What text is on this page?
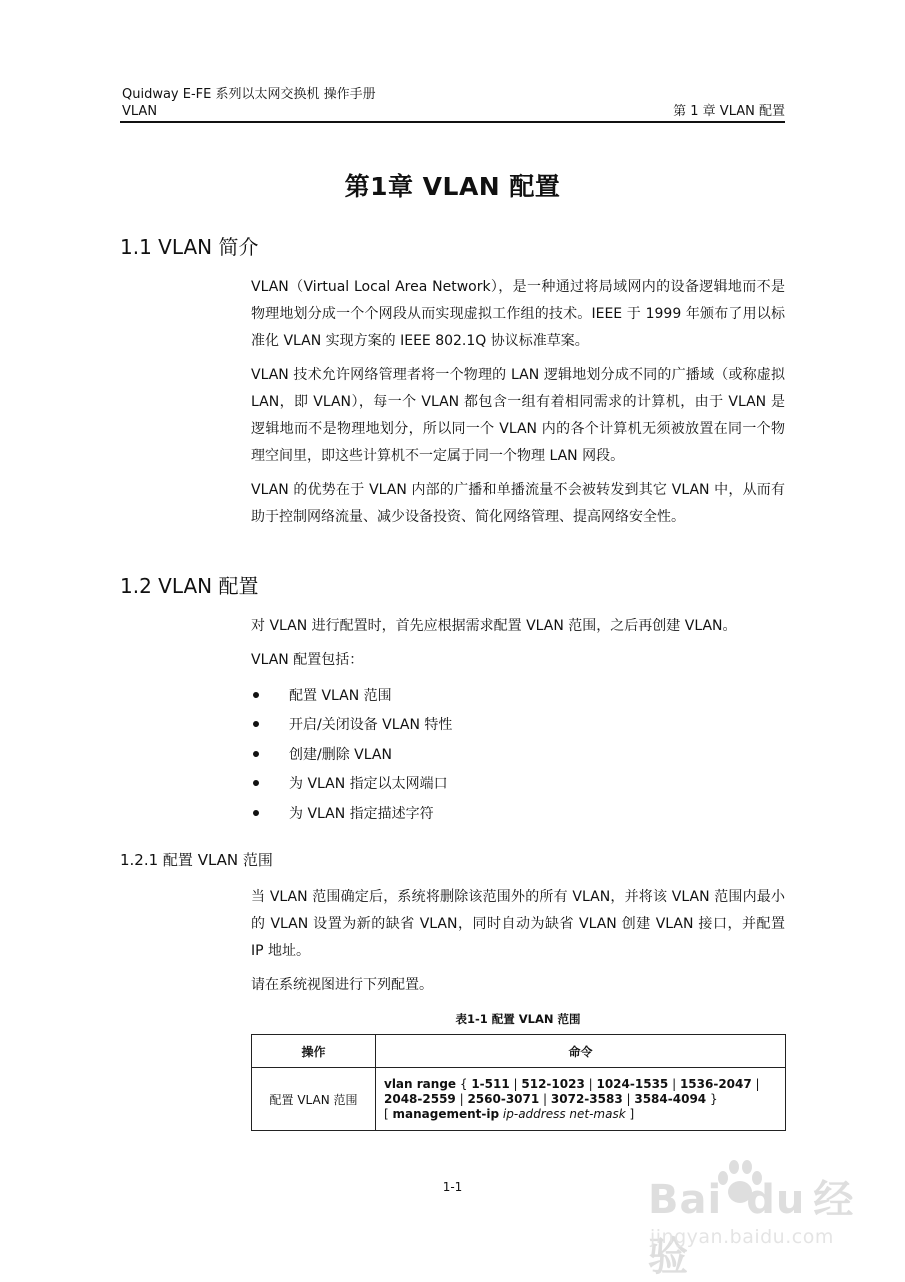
Quidway E-FE 系列以太网交换机 操作手册
VLAN	第 1 章 VLAN 配置
第1章 VLAN 配置
1.1 VLAN 简介

VLAN（Virtual Local Area Network），是一种通过将局域网内的设备逻辑地而不是物理地划分成一个个网段从而实现虚拟工作组的技术。IEEE 于 1999 年颁布了用以标准化 VLAN 实现方案的 IEEE 802.1Q 协议标准草案。

VLAN 技术允许网络管理者将一个物理的 LAN 逻辑地划分成不同的广播域（或称虚拟 LAN，即 VLAN），每一个 VLAN 都包含一组有着相同需求的计算机，由于 VLAN 是逻辑地而不是物理地划分，所以同一个 VLAN 内的各个计算机无须被放置在同一个物理空间里，即这些计算机不一定属于同一个物理 LAN 网段。

VLAN 的优势在于 VLAN 内部的广播和单播流量不会被转发到其它 VLAN 中，从而有助于控制网络流量、减少设备投资、简化网络管理、提高网络安全性。

1.2 VLAN 配置

对 VLAN 进行配置时，首先应根据需求配置 VLAN 范围，之后再创建 VLAN。

VLAN 配置包括：

配置 VLAN 范围
开启/关闭设备 VLAN 特性
创建/删除 VLAN
为 VLAN 指定以太网端口
为 VLAN 指定描述字符
1.2.1 配置 VLAN 范围

当 VLAN 范围确定后，系统将删除该范围外的所有 VLAN，并将该 VLAN 范围内最小的 VLAN 设置为新的缺省 VLAN，同时自动为缺省 VLAN 创建 VLAN 接口，并配置 IP 地址。

请在系统视图进行下列配置。

表1-1 配置 VLAN 范围
操作	命令
配置 VLAN 范围	vlan range { 1-511 | 512-1023 | 1024-1535 | 1536-2047 |
2048-2559 | 2560-3071 | 3072-3583 | 3584-4094 }
[ management-ip ip-address net-mask ]
1-1	Bai du 经验
jingyan.baidu.com
